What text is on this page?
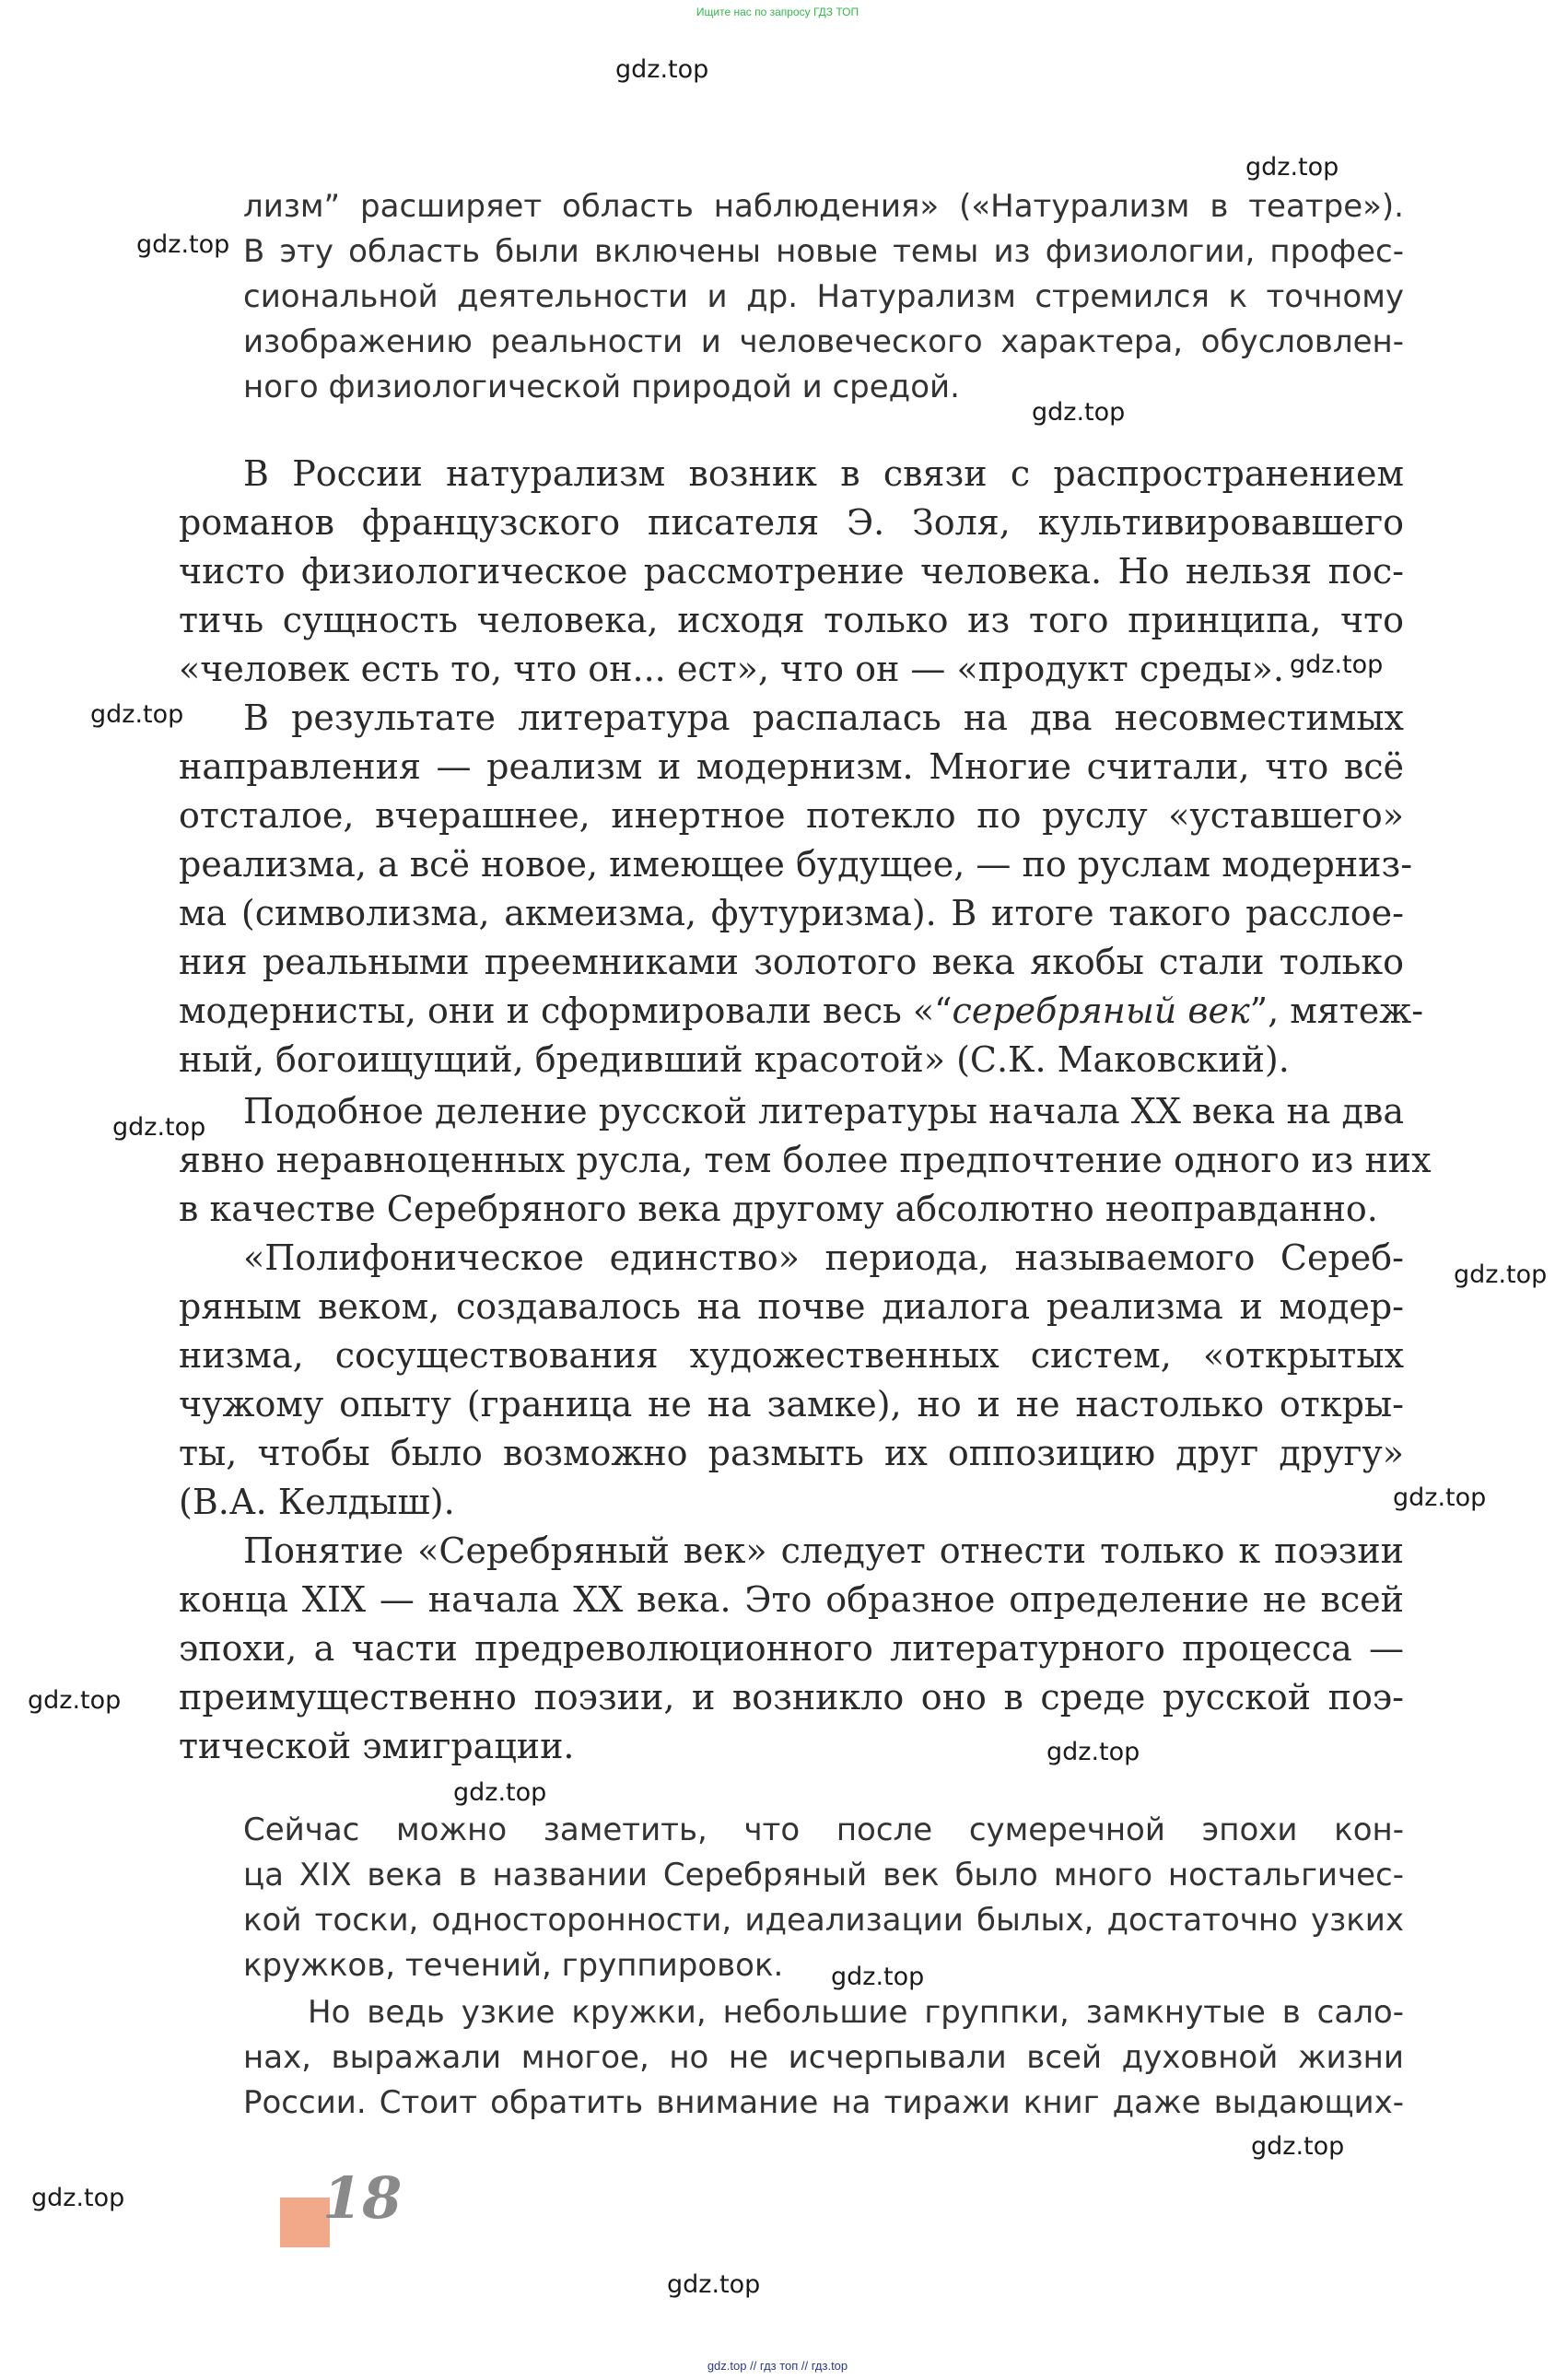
Ищите нас по запросу ГДЗ ТОП
gdz.top
gdz.top
gdz.top
gdz.top
gdz.top
gdz.top
gdz.top
gdz.top
gdz.top
gdz.top
gdz.top
gdz.top
gdz.top
gdz.top
gdz.top
gdz.top
лизм” расширяет область наблюдения» («Натурализм в театре»).
В эту область были включены новые темы из физиологии, профес-
сиональной деятельности и др. Натурализм стремился к точному
изображению реальности и человеческого характера, обусловлен-
ного физиологической природой и средой.
В России натурализм возник в связи с распространением
романов французского писателя Э. Золя, культивировавшего
чисто физиологическое рассмотрение человека. Но нельзя пос-
тичь сущность человека, исходя только из того принципа, что
«человек есть то, что он... ест», что он — «продукт среды».
В результате литература распалась на два несовместимых
направления — реализм и модернизм. Многие считали, что всё
отсталое, вчерашнее, инертное потекло по руслу «уставшего»
реализма, а всё новое, имеющее будущее, — по руслам модерниз-
ма (символизма, акмеизма, футуризма). В итоге такого расслое-
ния реальными преемниками золотого века якобы стали только
модернисты, они и сформировали весь «“серебряный век”, мятеж-
ный, богоищущий, бредивший красотой» (С.К. Маковский).
Подобное деление русской литературы начала XX века на два
явно неравноценных русла, тем более предпочтение одного из них
в качестве Серебряного века другому абсолютно неоправданно.
«Полифоническое единство» периода, называемого Сереб-
ряным веком, создавалось на почве диалога реализма и модер-
низма, сосуществования художественных систем, «открытых
чужому опыту (граница не на замке), но и не настолько откры-
ты, чтобы было возможно размыть их оппозицию друг другу»
(В.А. Келдыш).
Понятие «Серебряный век» следует отнести только к поэзии
конца XIX — начала XX века. Это образное определение не всей
эпохи, а части предреволюционного литературного процесса —
преимущественно поэзии, и возникло оно в среде русской поэ-
тической эмиграции.
Сейчас можно заметить, что после сумеречной эпохи кон-
ца XIX века в названии Серебряный век было много ностальгичес-
кой тоски, односторонности, идеализации былых, достаточно узких
кружков, течений, группировок.
Но ведь узкие кружки, небольшие группки, замкнутые в сало-
нах, выражали многое, но не исчерпывали всей духовной жизни
России. Стоит обратить внимание на тиражи книг даже выдающих-
18
gdz.top // гдз топ // гдз.top
